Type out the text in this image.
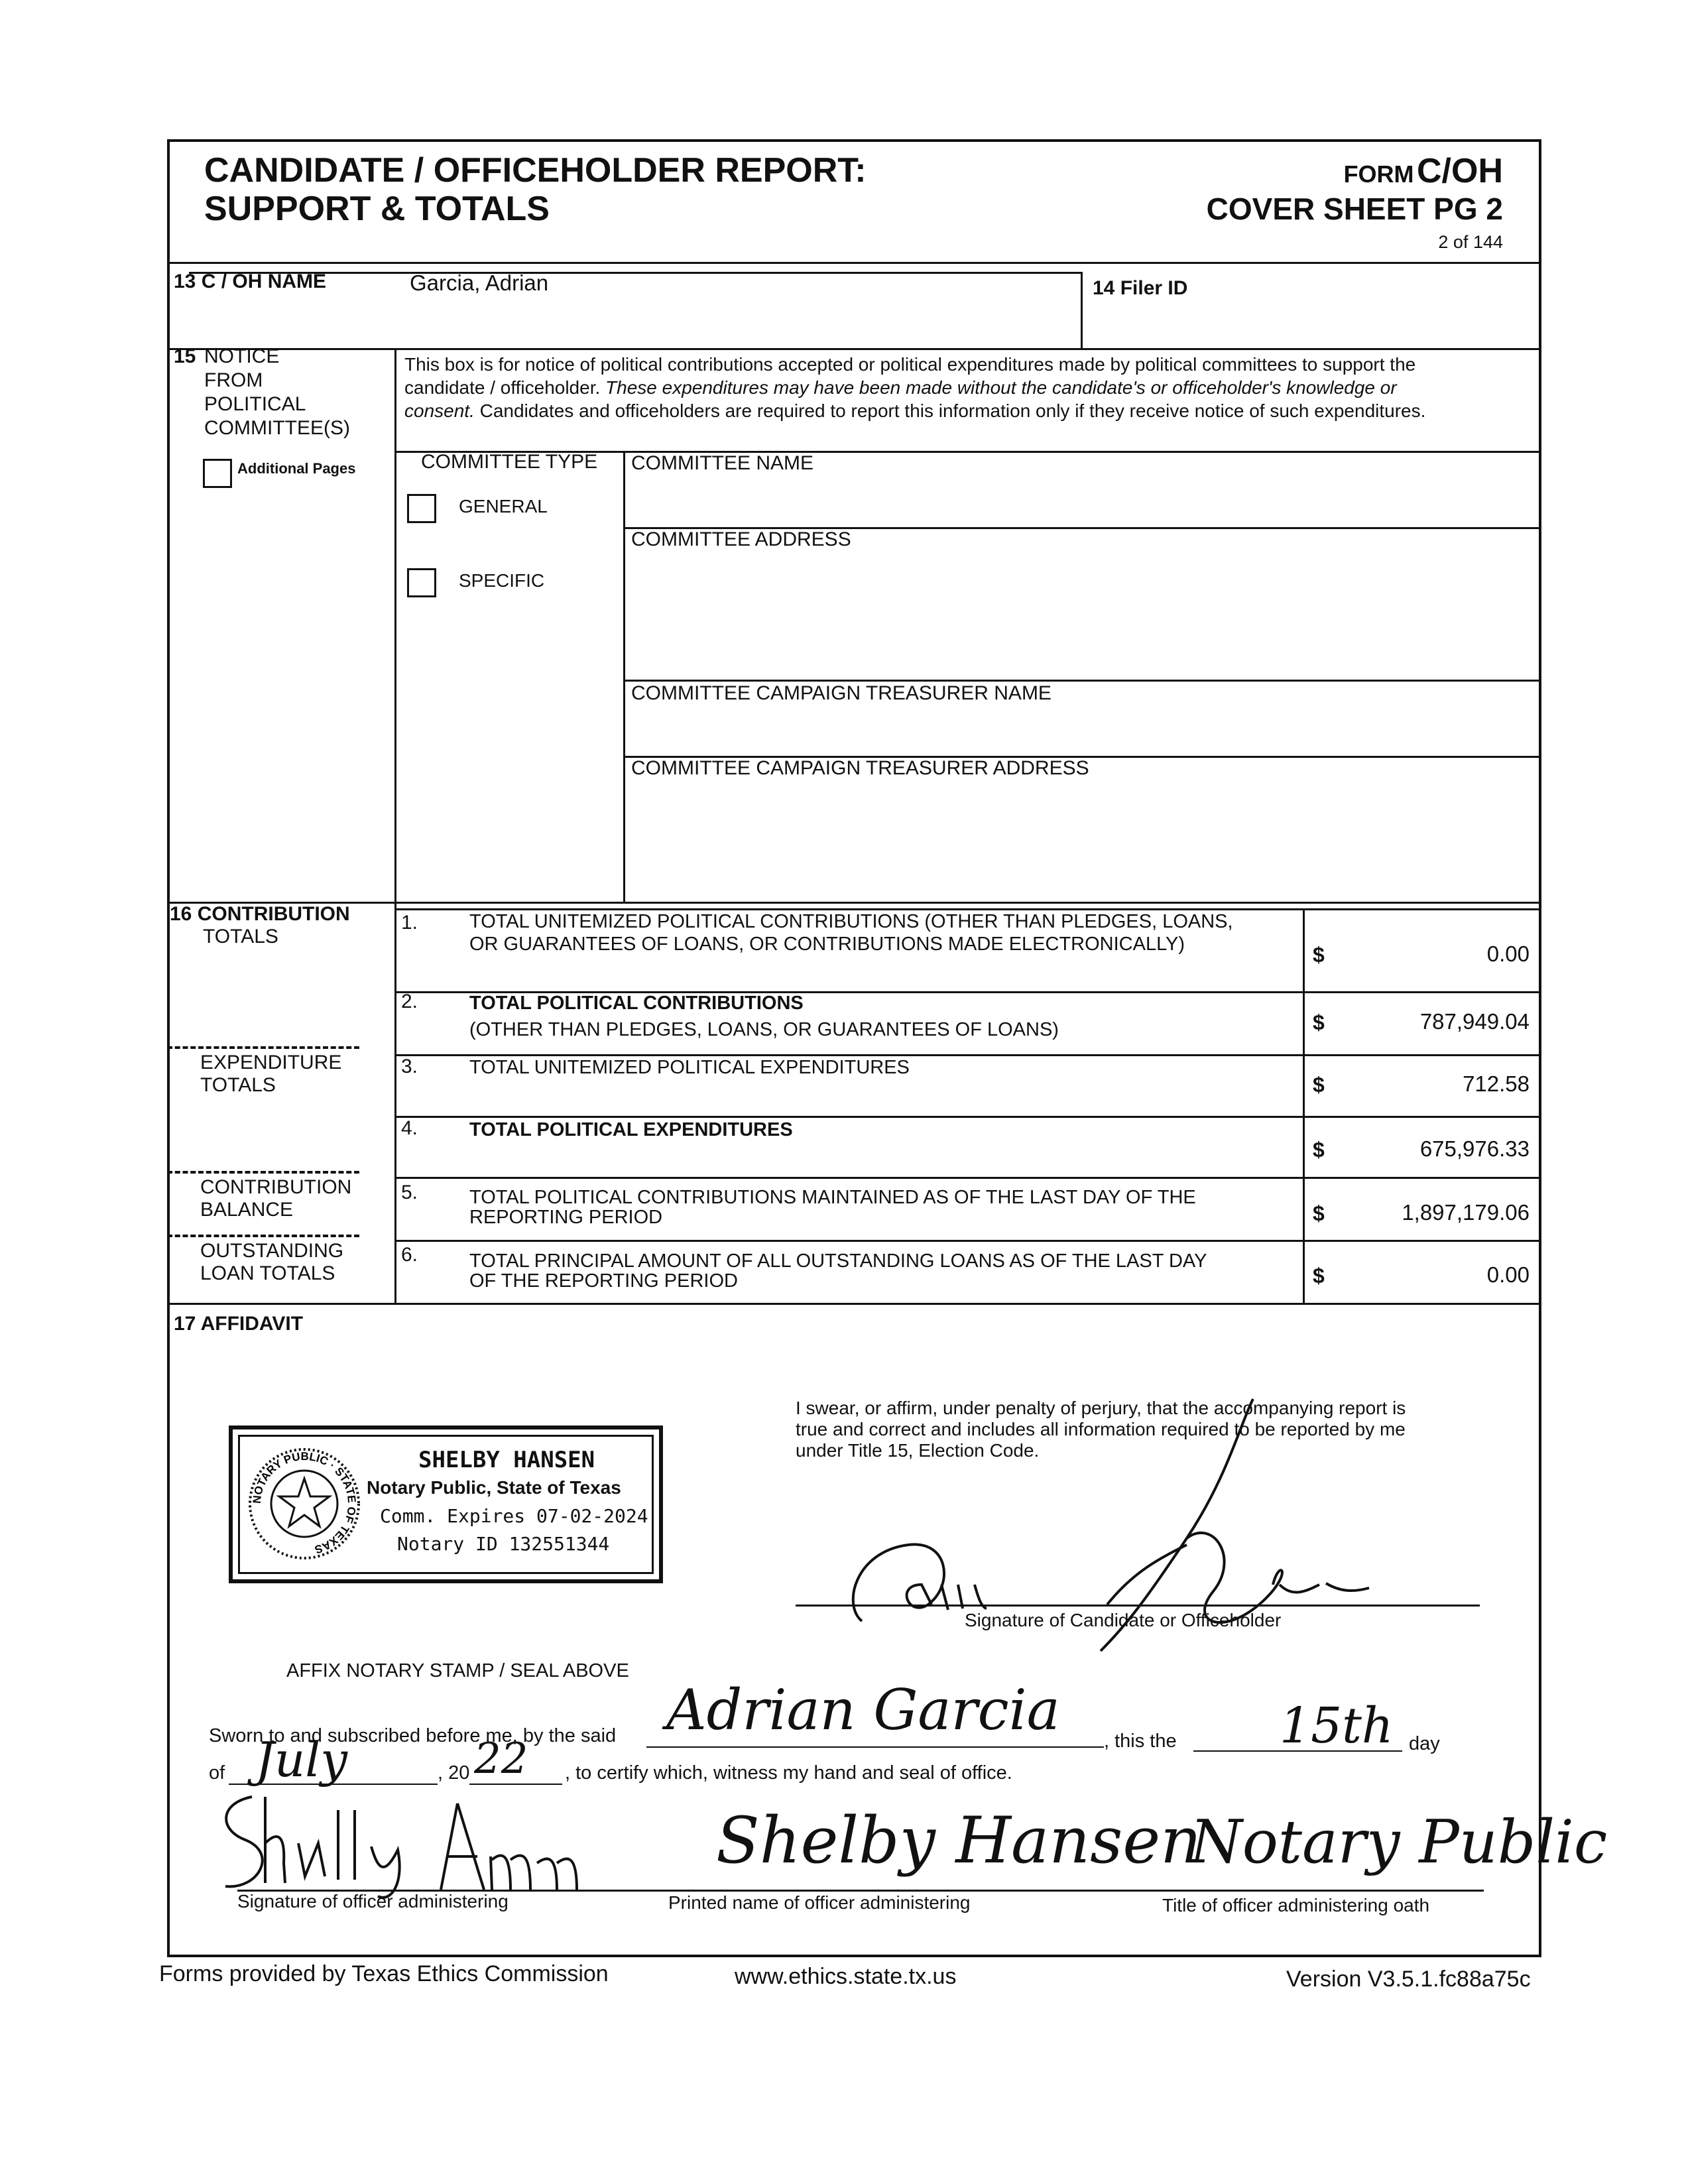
CANDIDATE / OFFICEHOLDER REPORT:
SUPPORT & TOTALS
FORM C/OH
COVER SHEET PG 2
2 of 144
13 C / OH NAME	Garcia, Adrian	14 Filer ID
15 NOTICE
FROM
POLITICAL
COMMITTEE(S)
Additional Pages
This box is for notice of political contributions accepted or political expenditures made by political committees to support the
candidate / officeholder. These expenditures may have been made without the candidate's or officeholder's knowledge or
consent. Candidates and officeholders are required to report this information only if they receive notice of such expenditures.
COMMITTEE TYPE
GENERAL
SPECIFIC
COMMITTEE NAME
COMMITTEE ADDRESS
COMMITTEE CAMPAIGN TREASURER NAME
COMMITTEE CAMPAIGN TREASURER ADDRESS
16 CONTRIBUTION
TOTALS
EXPENDITURE
TOTALS
CONTRIBUTION
BALANCE
OUTSTANDING
LOAN TOTALS
1.	TOTAL UNITEMIZED POLITICAL CONTRIBUTIONS (OTHER THAN PLEDGES, LOANS,
OR GUARANTEES OF LOANS, OR CONTRIBUTIONS MADE ELECTRONICALLY)	$	0.00
2.	TOTAL POLITICAL CONTRIBUTIONS
(OTHER THAN PLEDGES, LOANS, OR GUARANTEES OF LOANS)	$	787,949.04
3.	TOTAL UNITEMIZED POLITICAL EXPENDITURES
$	712.58
4.	TOTAL POLITICAL EXPENDITURES
$	675,976.33
5.	TOTAL POLITICAL CONTRIBUTIONS MAINTAINED AS OF THE LAST DAY OF THE
REPORTING PERIOD	$	1,897,179.06
6.	TOTAL PRINCIPAL AMOUNT OF ALL OUTSTANDING LOANS AS OF THE LAST DAY
OF THE REPORTING PERIOD	$	0.00
17 AFFIDAVIT
I swear, or affirm, under penalty of perjury, that the accompanying report is
true and correct and includes all information required to be reported by me
under Title 15, Election Code.
Signature of Candidate or Officeholder
NOTARY PUBLIC · STATE OF TEXAS
SHELBY HANSEN
Notary Public, State of Texas
Comm. Expires 07-02-2024
Notary ID 132551344
AFFIX NOTARY STAMP / SEAL ABOVE
Sworn to and subscribed before me, by the said Adrian Garcia , this the 15th day
of July	, 20 22 , to certify which, witness my hand and seal of office.
Shelby Hansen
Notary Public
Signature of officer administering	Printed name of officer administering	Title of officer administering oath
Forms provided by Texas Ethics Commission	www.ethics.state.tx.us	Version V3.5.1.fc88a75c
